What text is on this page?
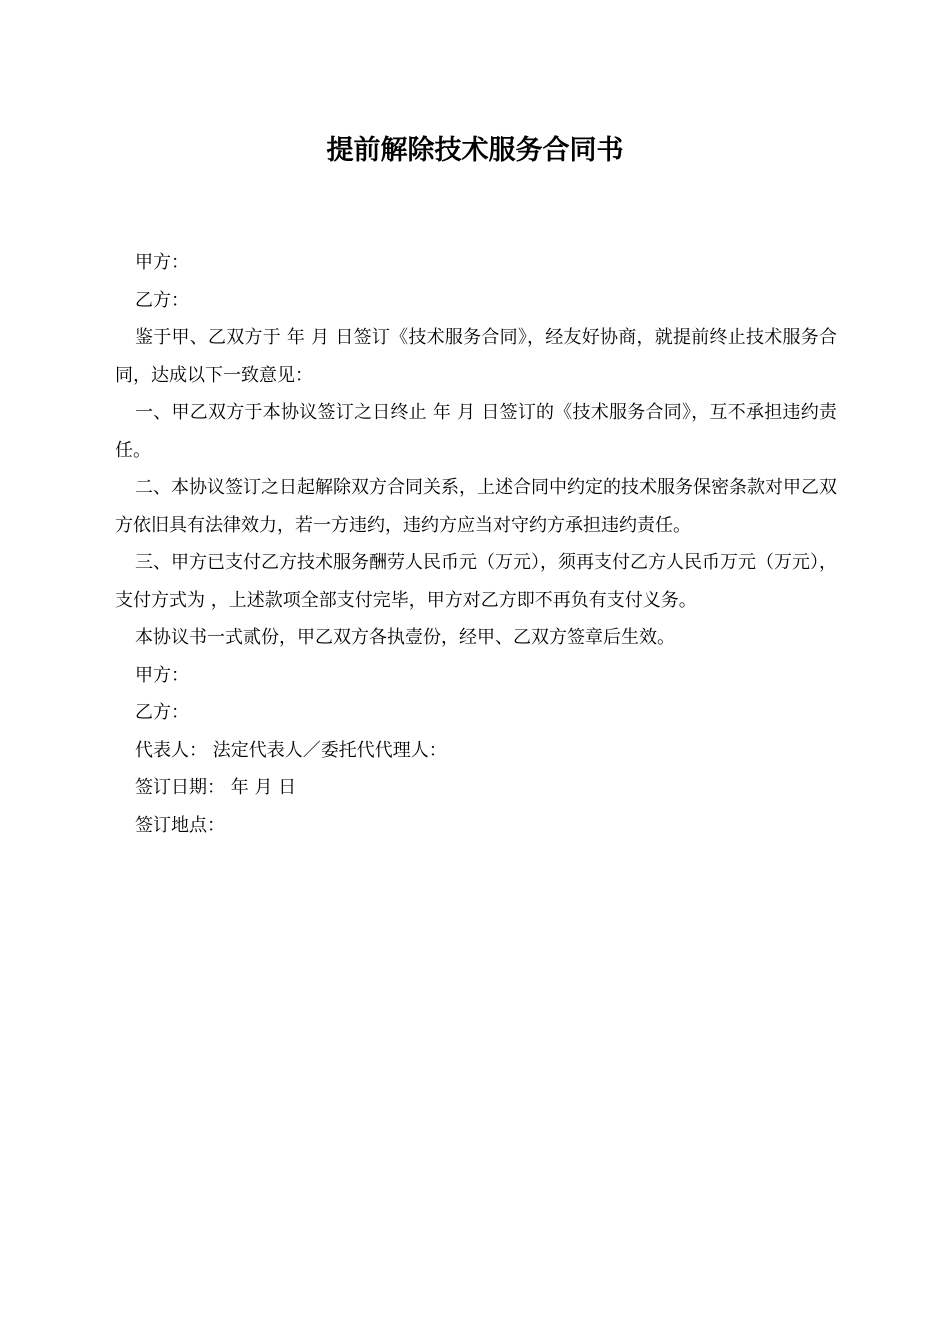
提前解除技术服务合同书

甲方：

乙方：

鉴于甲、乙双方于 年 月 日签订《技术服务合同》，经友好协商，就提前终止技术服务合同，达成以下一致意见：

一、甲乙双方于本协议签订之日终止 年 月 日签订的《技术服务合同》，互不承担违约责任。

二、本协议签订之日起解除双方合同关系，上述合同中约定的技术服务保密条款对甲乙双方依旧具有法律效力，若一方违约，违约方应当对守约方承担违约责任。

三、甲方已支付乙方技术服务酬劳人民币元（万元），须再支付乙方人民币万元（万元），支付方式为 ，上述款项全部支付完毕，甲方对乙方即不再负有支付义务。

本协议书一式贰份，甲乙双方各执壹份，经甲、乙双方签章后生效。

甲方：

乙方：

代表人： 法定代表人／委托代代理人：

签订日期： 年 月 日

签订地点：
